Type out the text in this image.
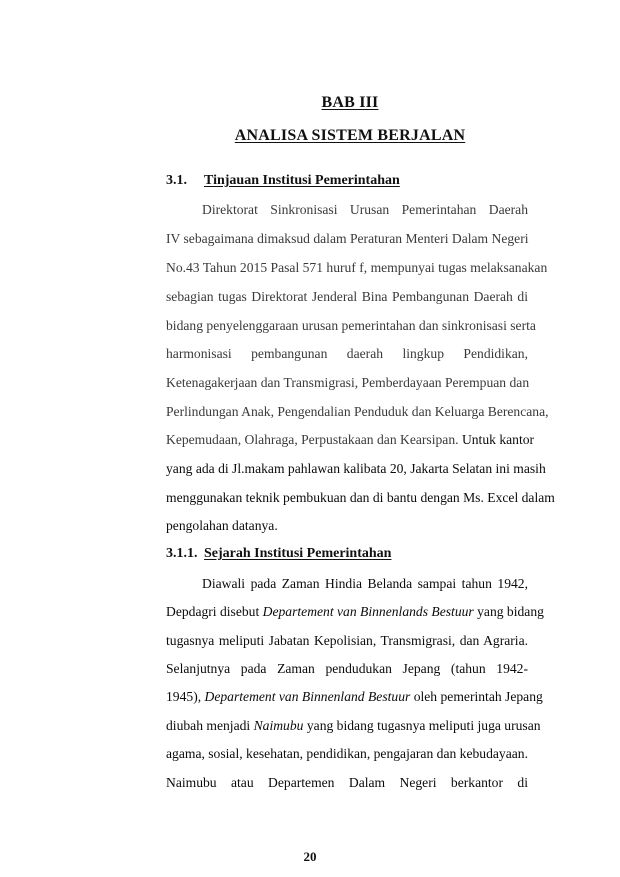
BAB III
ANALISA SISTEM BERJALAN
3.1. Tinjauan Institusi Pemerintahan
Direktorat Sinkronisasi Urusan Pemerintahan Daerah
IV sebagaimana dimaksud dalam Peraturan Menteri Dalam Negeri
No.43 Tahun 2015 Pasal 571 huruf f, mempunyai tugas melaksanakan
sebagian tugas Direktorat Jenderal Bina Pembangunan Daerah di
bidang penyelenggaraan urusan pemerintahan dan sinkronisasi serta
harmonisasi pembangunan daerah lingkup Pendidikan,
Ketenagakerjaan dan Transmigrasi, Pemberdayaan Perempuan dan
Perlindungan Anak, Pengendalian Penduduk dan Keluarga Berencana,
Kepemudaan, Olahraga, Perpustakaan dan Kearsipan. Untuk kantor
yang ada di Jl.makam pahlawan kalibata 20, Jakarta Selatan ini masih
menggunakan teknik pembukuan dan di bantu dengan Ms. Excel dalam
pengolahan datanya.
3.1.1. Sejarah Institusi Pemerintahan
Diawali pada Zaman Hindia Belanda sampai tahun 1942,
Depdagri disebut Departement van Binnenlands Bestuur yang bidang
tugasnya meliputi Jabatan Kepolisian, Transmigrasi, dan Agraria.
Selanjutnya pada Zaman pendudukan Jepang (tahun 1942-
1945), Departement van Binnenland Bestuur oleh pemerintah Jepang
diubah menjadi Naimubu yang bidang tugasnya meliputi juga urusan
agama, sosial, kesehatan, pendidikan, pengajaran dan kebudayaan.
Naimubu atau Departemen Dalam Negeri berkantor di
20
